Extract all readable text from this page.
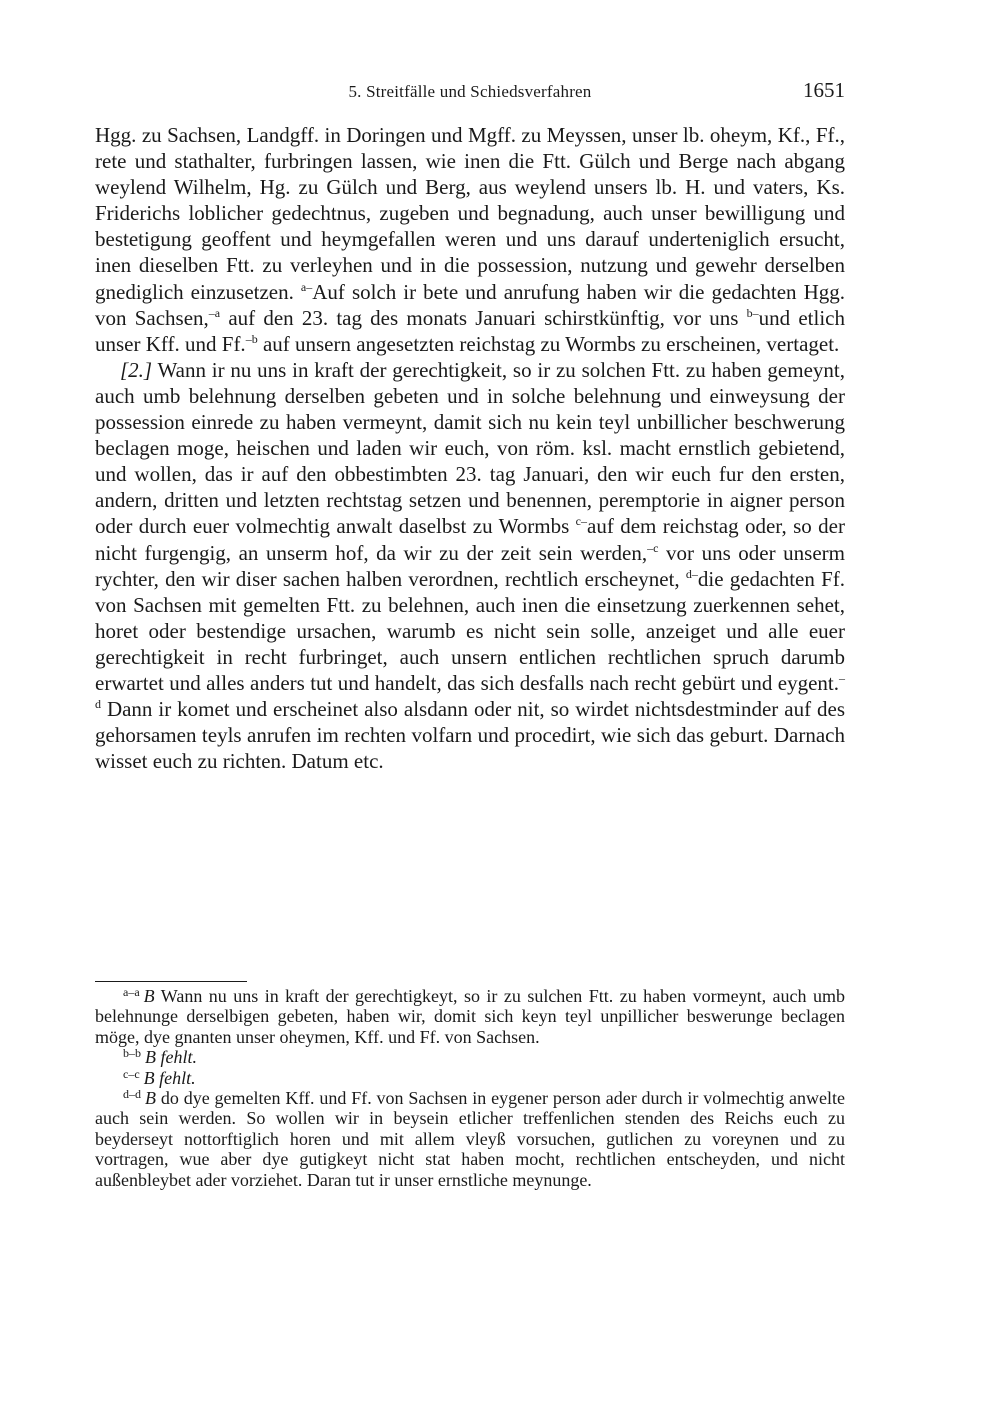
5. Streitfälle und Schiedsverfahren	1651

Hgg. zu Sachsen, Landgff. in Doringen und Mgff. zu Meyssen, unser lb. oheym, Kf., Ff., rete und stathalter, furbringen lassen, wie inen die Ftt. Gülch und Berge nach abgang weylend Wilhelm, Hg. zu Gülch und Berg, aus weylend unsers lb. H. und vaters, Ks. Friderichs loblicher gedechtnus, zugeben und begnadung, auch unser bewilligung und bestetigung geoffent und heymgefallen weren und uns darauf underteniglich ersucht, inen dieselben Ftt. zu verleyhen und in die possession, nutzung und gewehr derselben gnediglich einzusetzen. $^{a-}$Auf solch ir bete und anrufung haben wir die gedachten Hgg. von Sachsen,$^{-a}$ auf den 23. tag des monats Januari schirstkünftig, vor uns $^{b-}$und etlich unser Kff. und Ff.$^{-b}$ auf unsern angesetzten reichstag zu Wormbs zu erscheinen, vertaget.

[2.] Wann ir nu uns in kraft der gerechtigkeit, so ir zu solchen Ftt. zu haben gemeynt, auch umb belehnung derselben gebeten und in solche belehnung und einweysung der possession einrede zu haben vermeynt, damit sich nu kein teyl unbillicher beschwerung beclagen moge, heischen und laden wir euch, von röm. ksl. macht ernstlich gebietend, und wollen, das ir auf den obbestimbten 23. tag Januari, den wir euch fur den ersten, andern, dritten und letzten rechtstag setzen und benennen, peremptorie in aigner person oder durch euer volmechtig anwalt daselbst zu Wormbs $^{c-}$auf dem reichstag oder, so der nicht furgengig, an unserm hof, da wir zu der zeit sein werden,$^{-c}$ vor uns oder unserm rychter, den wir diser sachen halben verordnen, rechtlich erscheynet, $^{d-}$die gedachten Ff. von Sachsen mit gemelten Ftt. zu belehnen, auch inen die einsetzung zuerkennen sehet, horet oder bestendige ursachen, warumb es nicht sein solle, anzeiget und alle euer gerechtigkeit in recht furbringet, auch unsern entlichen rechtlichen spruch darumb erwartet und alles anders tut und handelt, das sich desfalls nach recht gebürt und eygent.$^{-d}$ Dann ir komet und erscheinet also alsdann oder nit, so wirdet nichtsdestminder auf des gehorsamen teyls anrufen im rechten volfarn und procedirt, wie sich das geburt. Darnach wisset euch zu richten. Datum etc.

$^{a-a}$ B Wann nu uns in kraft der gerechtigkeyt, so ir zu sulchen Ftt. zu haben vormeynt, auch umb belehnunge derselbigen gebeten, haben wir, domit sich keyn teyl unpillicher beswerunge beclagen möge, dye gnanten unser oheymen, Kff. und Ff. von Sachsen.

$^{b-b}$ B fehlt.

$^{c-c}$ B fehlt.

$^{d-d}$ B do dye gemelten Kff. und Ff. von Sachsen in eygener person ader durch ir volmechtig anwelte auch sein werden. So wollen wir in beysein etlicher treffenlichen stenden des Reichs euch zu beyderseyt nottorftiglich horen und mit allem vleyß vorsuchen, gutlichen zu voreynen und zu vortragen, wue aber dye gutigkeyt nicht stat haben mocht, rechtlichen entscheyden, und nicht außenbleybet ader vorziehet. Daran tut ir unser ernstliche meynunge.
